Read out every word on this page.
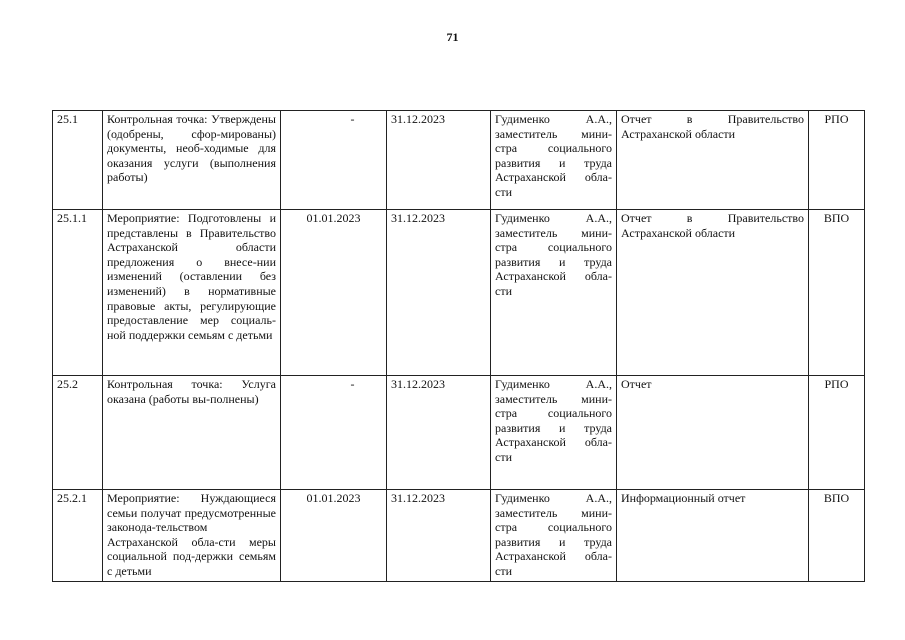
71
25.1	Контрольная точка: Утверждены (одобрены, сфор-мированы) документы, необ-ходимые для оказания услуги (выполнения работы)	-	31.12.2023	Гудименко А.А., заместитель мини-стра социального развития и труда Астраханской обла-сти	Отчет в Правительство Астраханской области	РПО
25.1.1	Мероприятие: Подготовлены и представлены в Правительство Астраханской области предложения о внесе-нии изменений (оставлении без изменений) в нормативные правовые акты, регулирующие предоставление мер социаль-ной поддержки семьям с детьми	01.01.2023	31.12.2023	Гудименко А.А., заместитель мини-стра социального развития и труда Астраханской обла-сти	Отчет в Правительство Астраханской области	ВПО
25.2	Контрольная точка: Услуга оказана (работы вы-полнены)	-	31.12.2023	Гудименко А.А., заместитель мини-стра социального развития и труда Астраханской обла-сти	Отчет	РПО
25.2.1	Мероприятие: Нуждающиеся семьи получат предусмотренные законода-тельством Астраханской обла-сти меры социальной под-держки семьям с детьми	01.01.2023	31.12.2023	Гудименко А.А., заместитель мини-стра социального развития и труда Астраханской обла-сти	Информационный отчет	ВПО
